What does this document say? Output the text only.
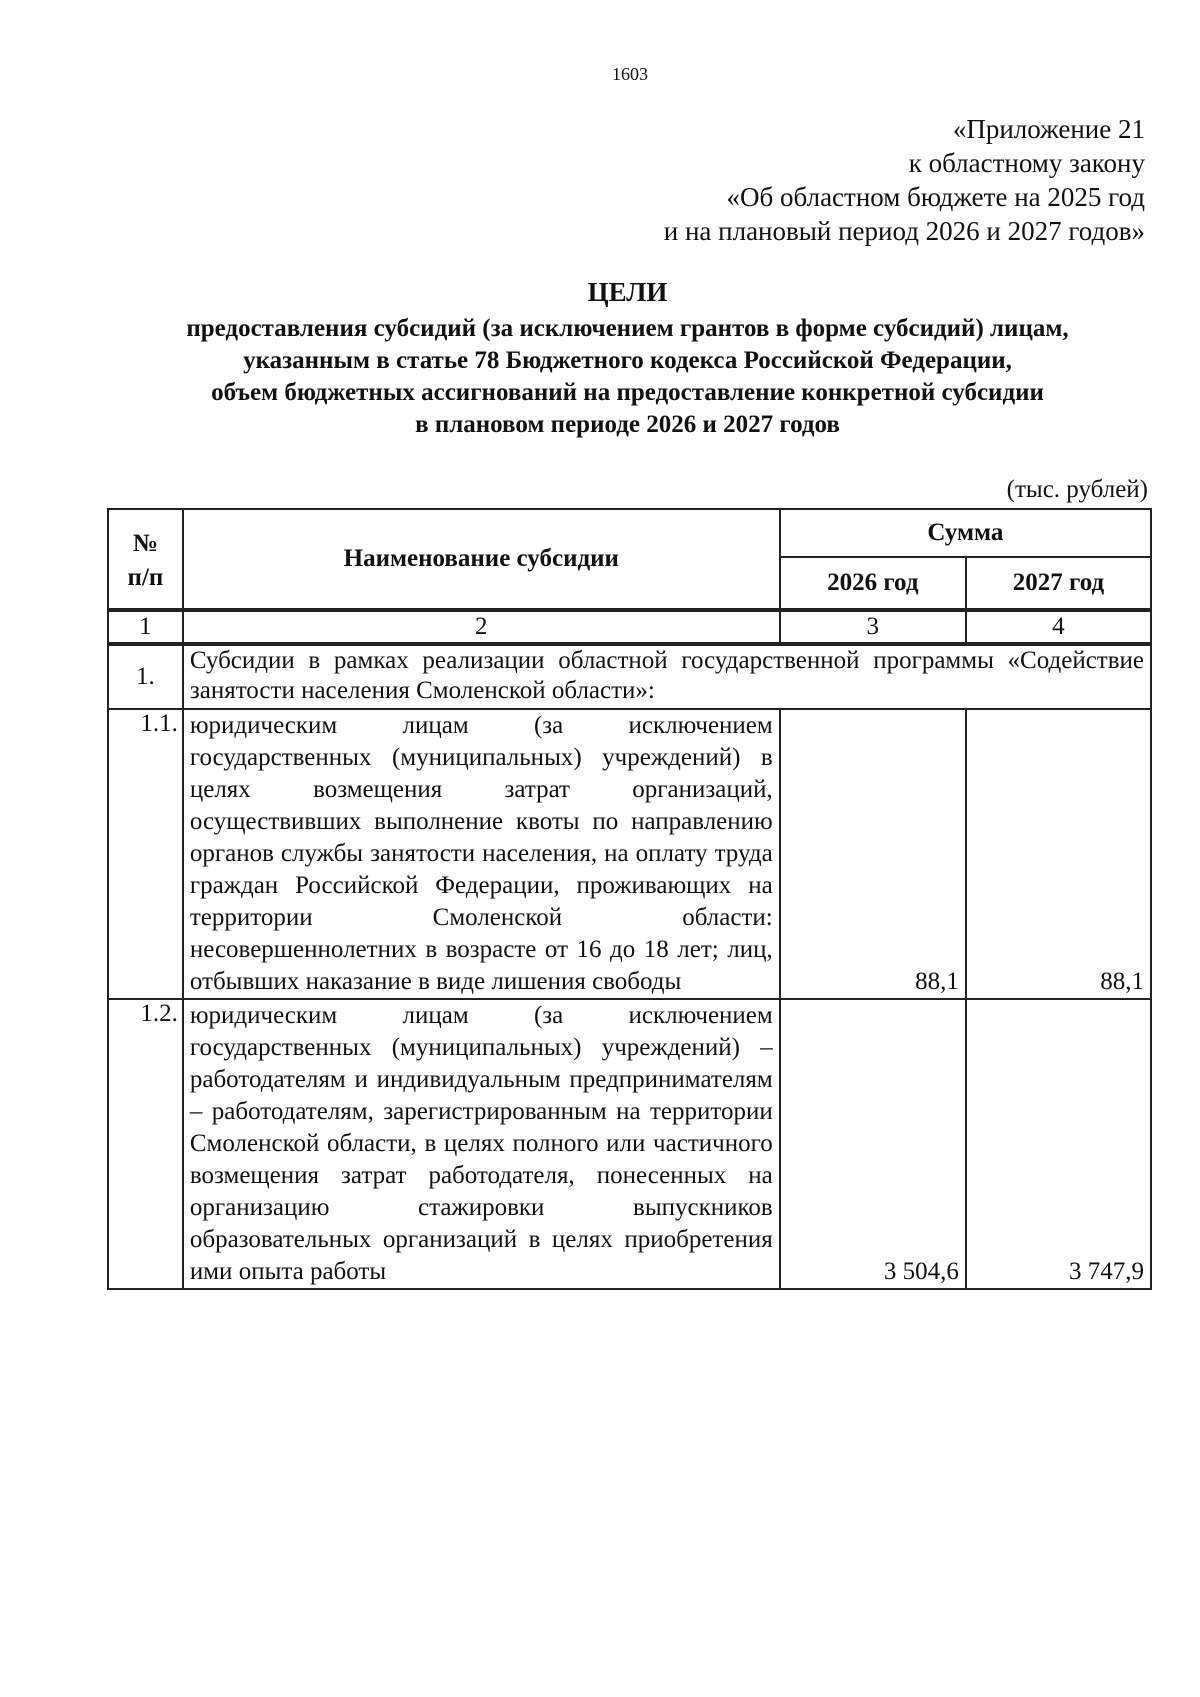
1603
«Приложение 21
к областному закону
«Об областном бюджете на 2025 год
и на плановый период 2026 и 2027 годов»
ЦЕЛИ
предоставления субсидий (за исключением грантов в форме субсидий) лицам,
указанным в статье 78 Бюджетного кодекса Российской Федерации,
объем бюджетных ассигнований на предоставление конкретной субсидии
в плановом периоде 2026 и 2027 годов
(тыс. рублей)
№
п/п	Наименование субсидии	Сумма	
		2026 год	2027 год

1	2	3	4

1.	Субсидии в рамках реализации областной государственной программы «Содействие занятости населения Смоленской области»:		
1.1.	юридическим лицам (за исключением государственных (муниципальных) учреждений) в целях возмещения затрат организаций, осуществивших выполнение квоты по направлению органов службы занятости населения, на оплату труда граждан Российской Федерации, проживающих на территории Смоленской области: несовершеннолетних в возрасте от 16 до 18 лет; лиц, отбывших наказание в виде лишения свободы	88,1	88,1
1.2.	юридическим лицам (за исключением государственных (муниципальных) учреждений) – работодателям и индивидуальным предпринимателям – работодателям, зарегистрированным на территории Смоленской области, в целях полного или частичного возмещения затрат работодателя, понесенных на организацию стажировки выпускников образовательных организаций в целях приобретения ими опыта работы	3 504,6	3 747,9
